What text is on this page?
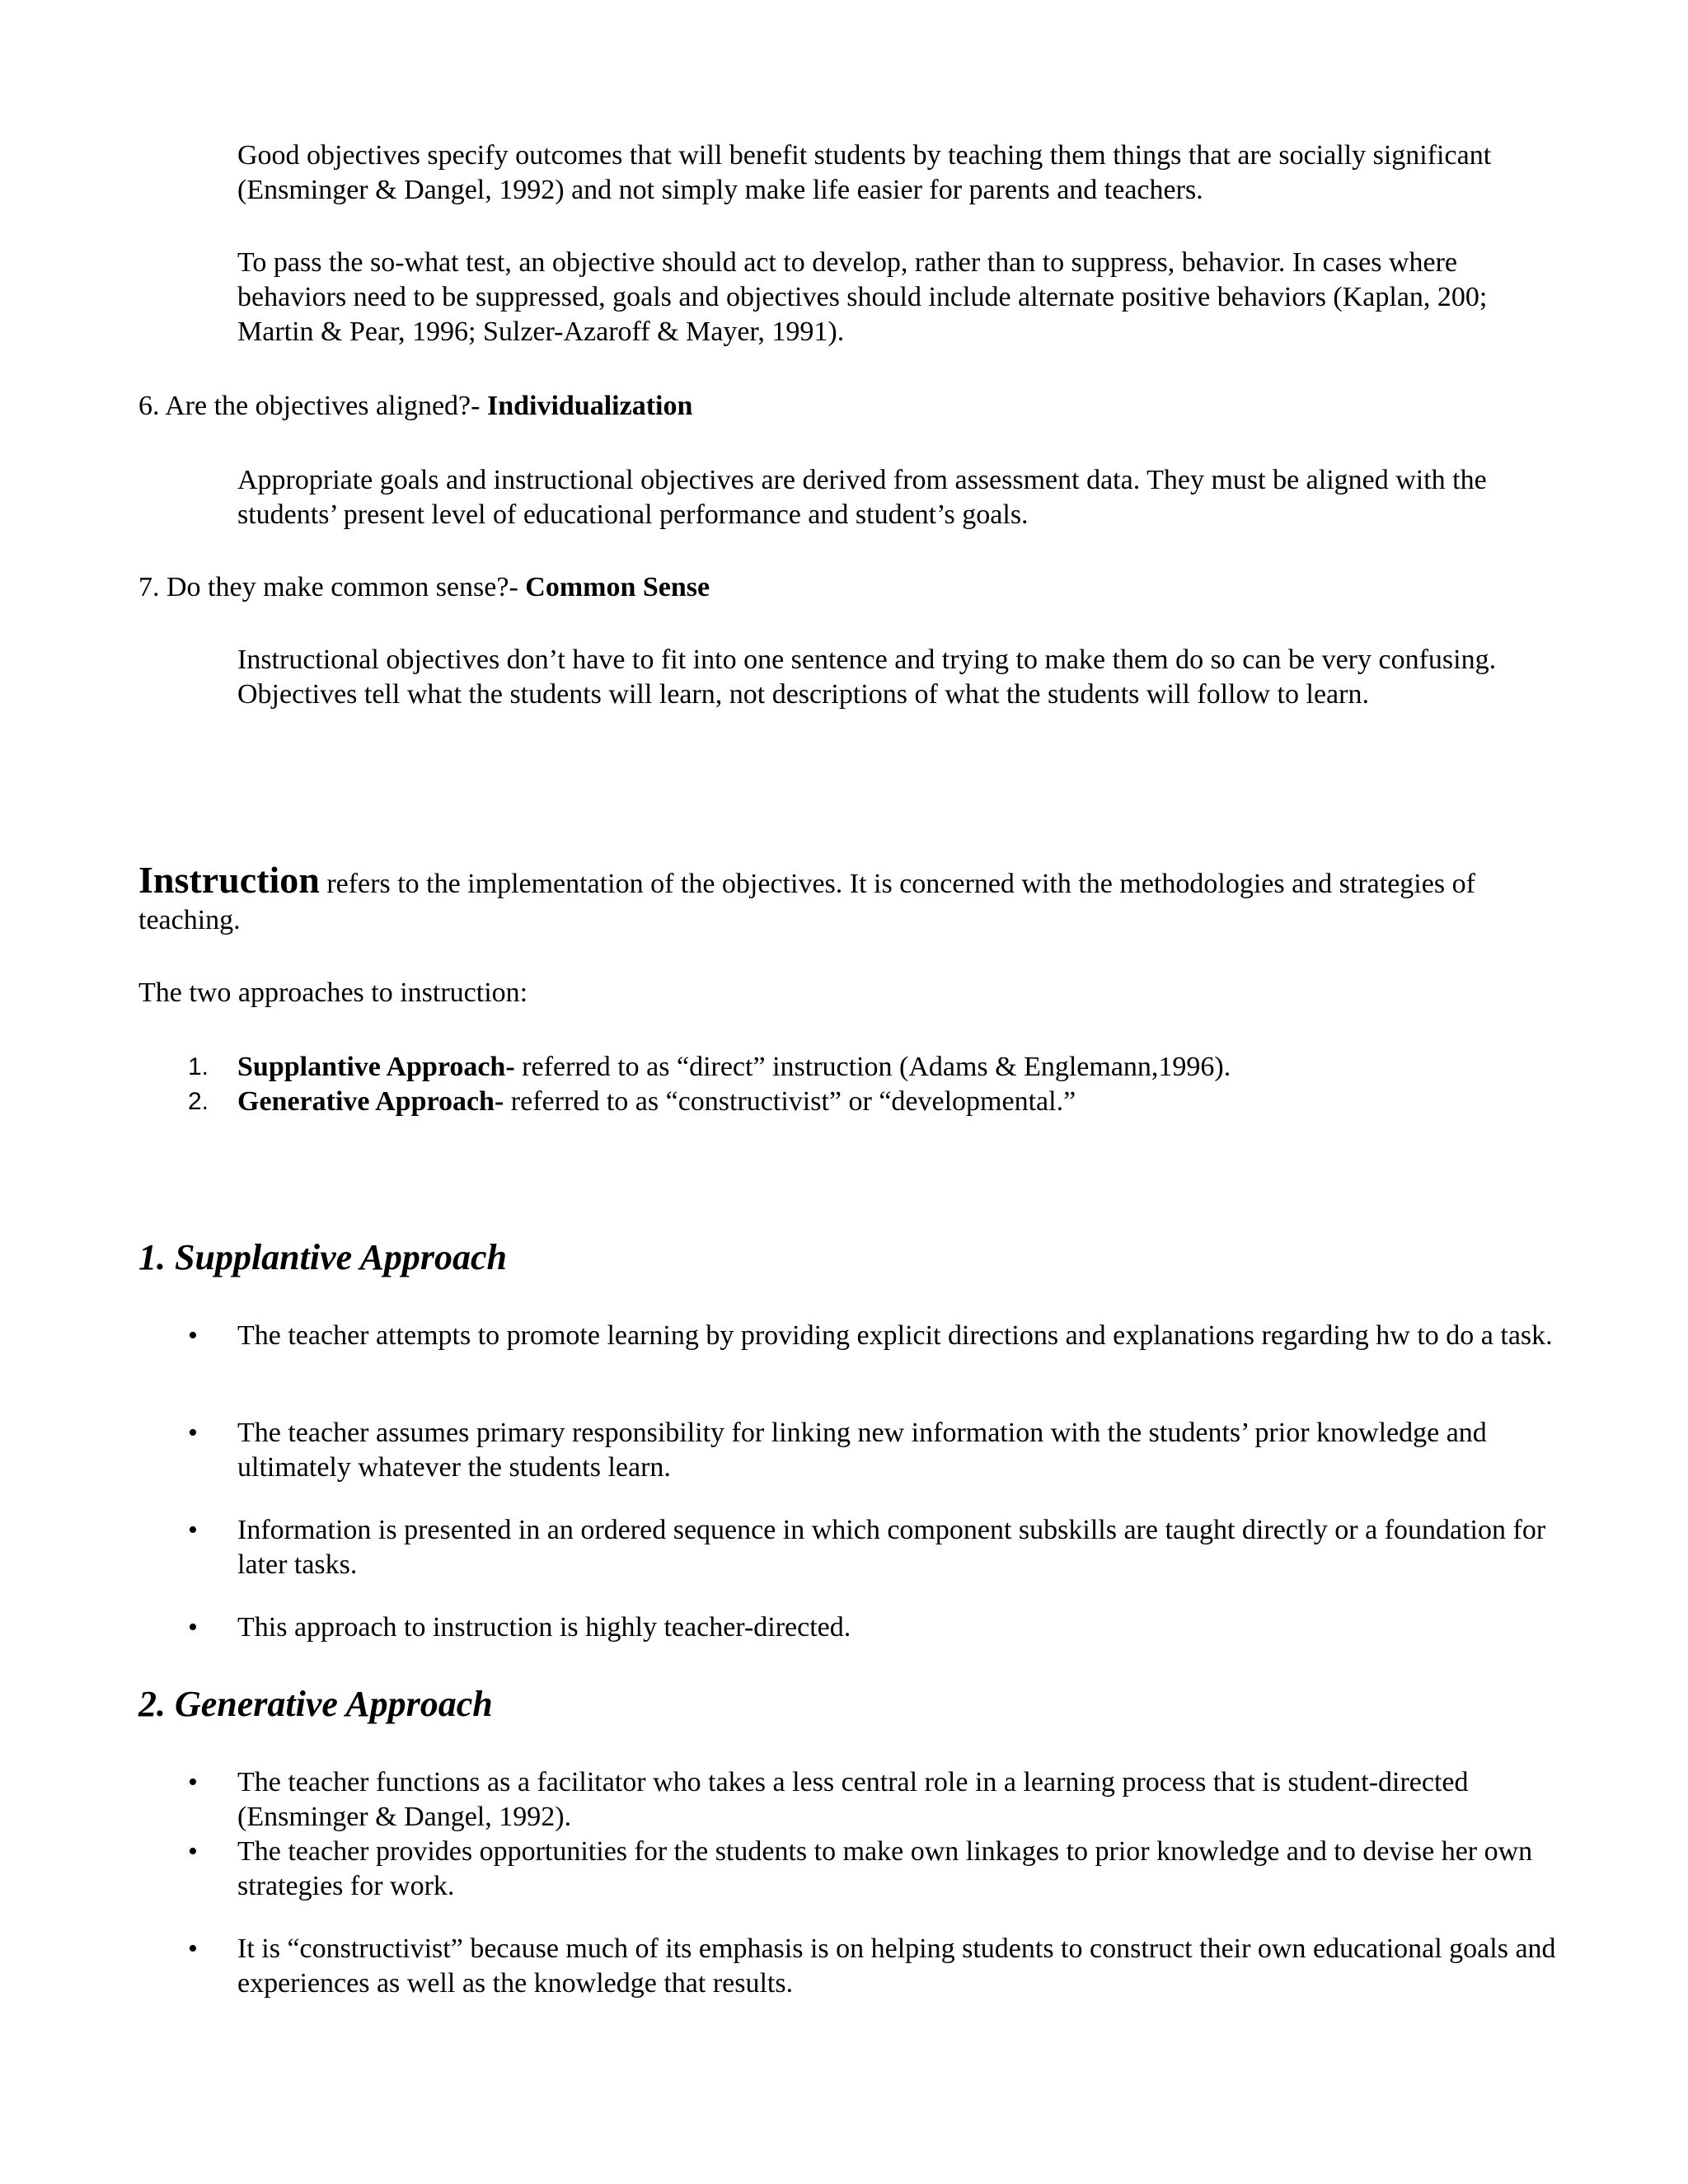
Good objectives specify outcomes that will benefit students by teaching them things that are socially significant (Ensminger & Dangel, 1992) and not simply make life easier for parents and teachers.

To pass the so-what test, an objective should act to develop, rather than to suppress, behavior. In cases where behaviors need to be suppressed, goals and objectives should include alternate positive behaviors (Kaplan, 200; Martin & Pear, 1996; Sulzer-Azaroff & Mayer, 1991).

6. Are the objectives aligned?- Individualization

Appropriate goals and instructional objectives are derived from assessment data. They must be aligned with the students’ present level of educational performance and student’s goals.

7. Do they make common sense?- Common Sense

Instructional objectives don’t have to fit into one sentence and trying to make them do so can be very confusing. Objectives tell what the students will learn, not descriptions of what the students will follow to learn.

Instruction refers to the implementation of the objectives. It is concerned with the methodologies and strategies of teaching.

The two approaches to instruction:

1. Supplantive Approach- referred to as “direct” instruction (Adams & Englemann,1996).
2. Generative Approach- referred to as “constructivist” or “developmental.”
1. Supplantive Approach
• The teacher attempts to promote learning by providing explicit directions and explanations regarding hw to do a task.
• The teacher assumes primary responsibility for linking new information with the students’ prior knowledge and ultimately whatever the students learn.
• Information is presented in an ordered sequence in which component subskills are taught directly or a foundation for later tasks.
• This approach to instruction is highly teacher-directed.
2. Generative Approach
• The teacher functions as a facilitator who takes a less central role in a learning process that is student-directed (Ensminger & Dangel, 1992).
• The teacher provides opportunities for the students to make own linkages to prior knowledge and to devise her own strategies for work.
• It is “constructivist” because much of its emphasis is on helping students to construct their own educational goals and experiences as well as the knowledge that results.
